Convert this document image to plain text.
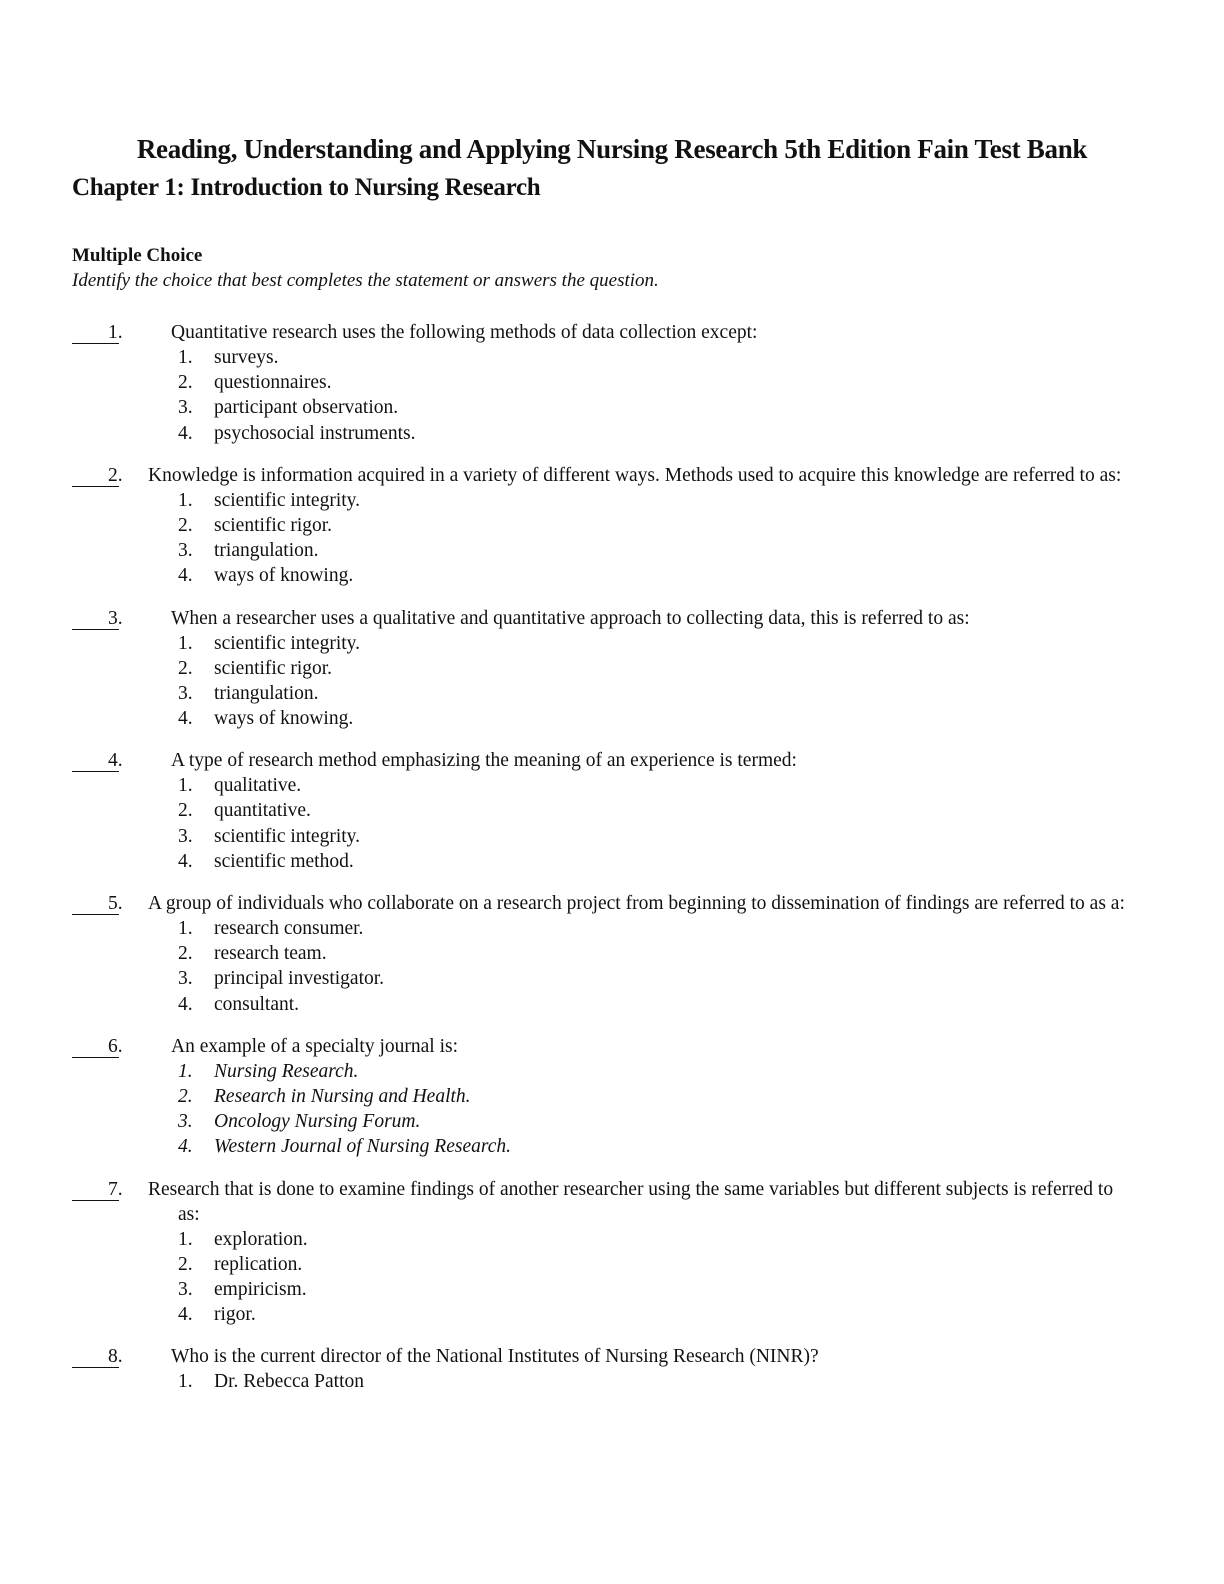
Reading, Understanding and Applying Nursing Research 5th Edition Fain Test Bank
Chapter 1: Introduction to Nursing Research
Multiple Choice
Identify the choice that best completes the statement or answers the question.
1. Quantitative research uses the following methods of data collection except:
1.	surveys.
2.	questionnaires.
3.	participant observation.
4.	psychosocial instruments.
2. Knowledge is information acquired in a variety of different ways. Methods used to acquire this knowledge are referred to as:
1.	scientific integrity.
2.	scientific rigor.
3.	triangulation.
4.	ways of knowing.
3. When a researcher uses a qualitative and quantitative approach to collecting data, this is referred to as:
1.	scientific integrity.
2.	scientific rigor.
3.	triangulation.
4.	ways of knowing.
4. A type of research method emphasizing the meaning of an experience is termed:
1.	qualitative.
2.	quantitative.
3.	scientific integrity.
4.	scientific method.
5. A group of individuals who collaborate on a research project from beginning to dissemination of findings are referred to as a:
1.	research consumer.
2.	research team.
3.	principal investigator.
4.	consultant.
6. An example of a specialty journal is:
1.	Nursing Research.
2.	Research in Nursing and Health.
3.	Oncology Nursing Forum.
4.	Western Journal of Nursing Research.
7. Research that is done to examine findings of another researcher using the same variables but different subjects is referred to as:
1.	exploration.
2.	replication.
3.	empiricism.
4.	rigor.
8. Who is the current director of the National Institutes of Nursing Research (NINR)?
1.	Dr. Rebecca Patton
